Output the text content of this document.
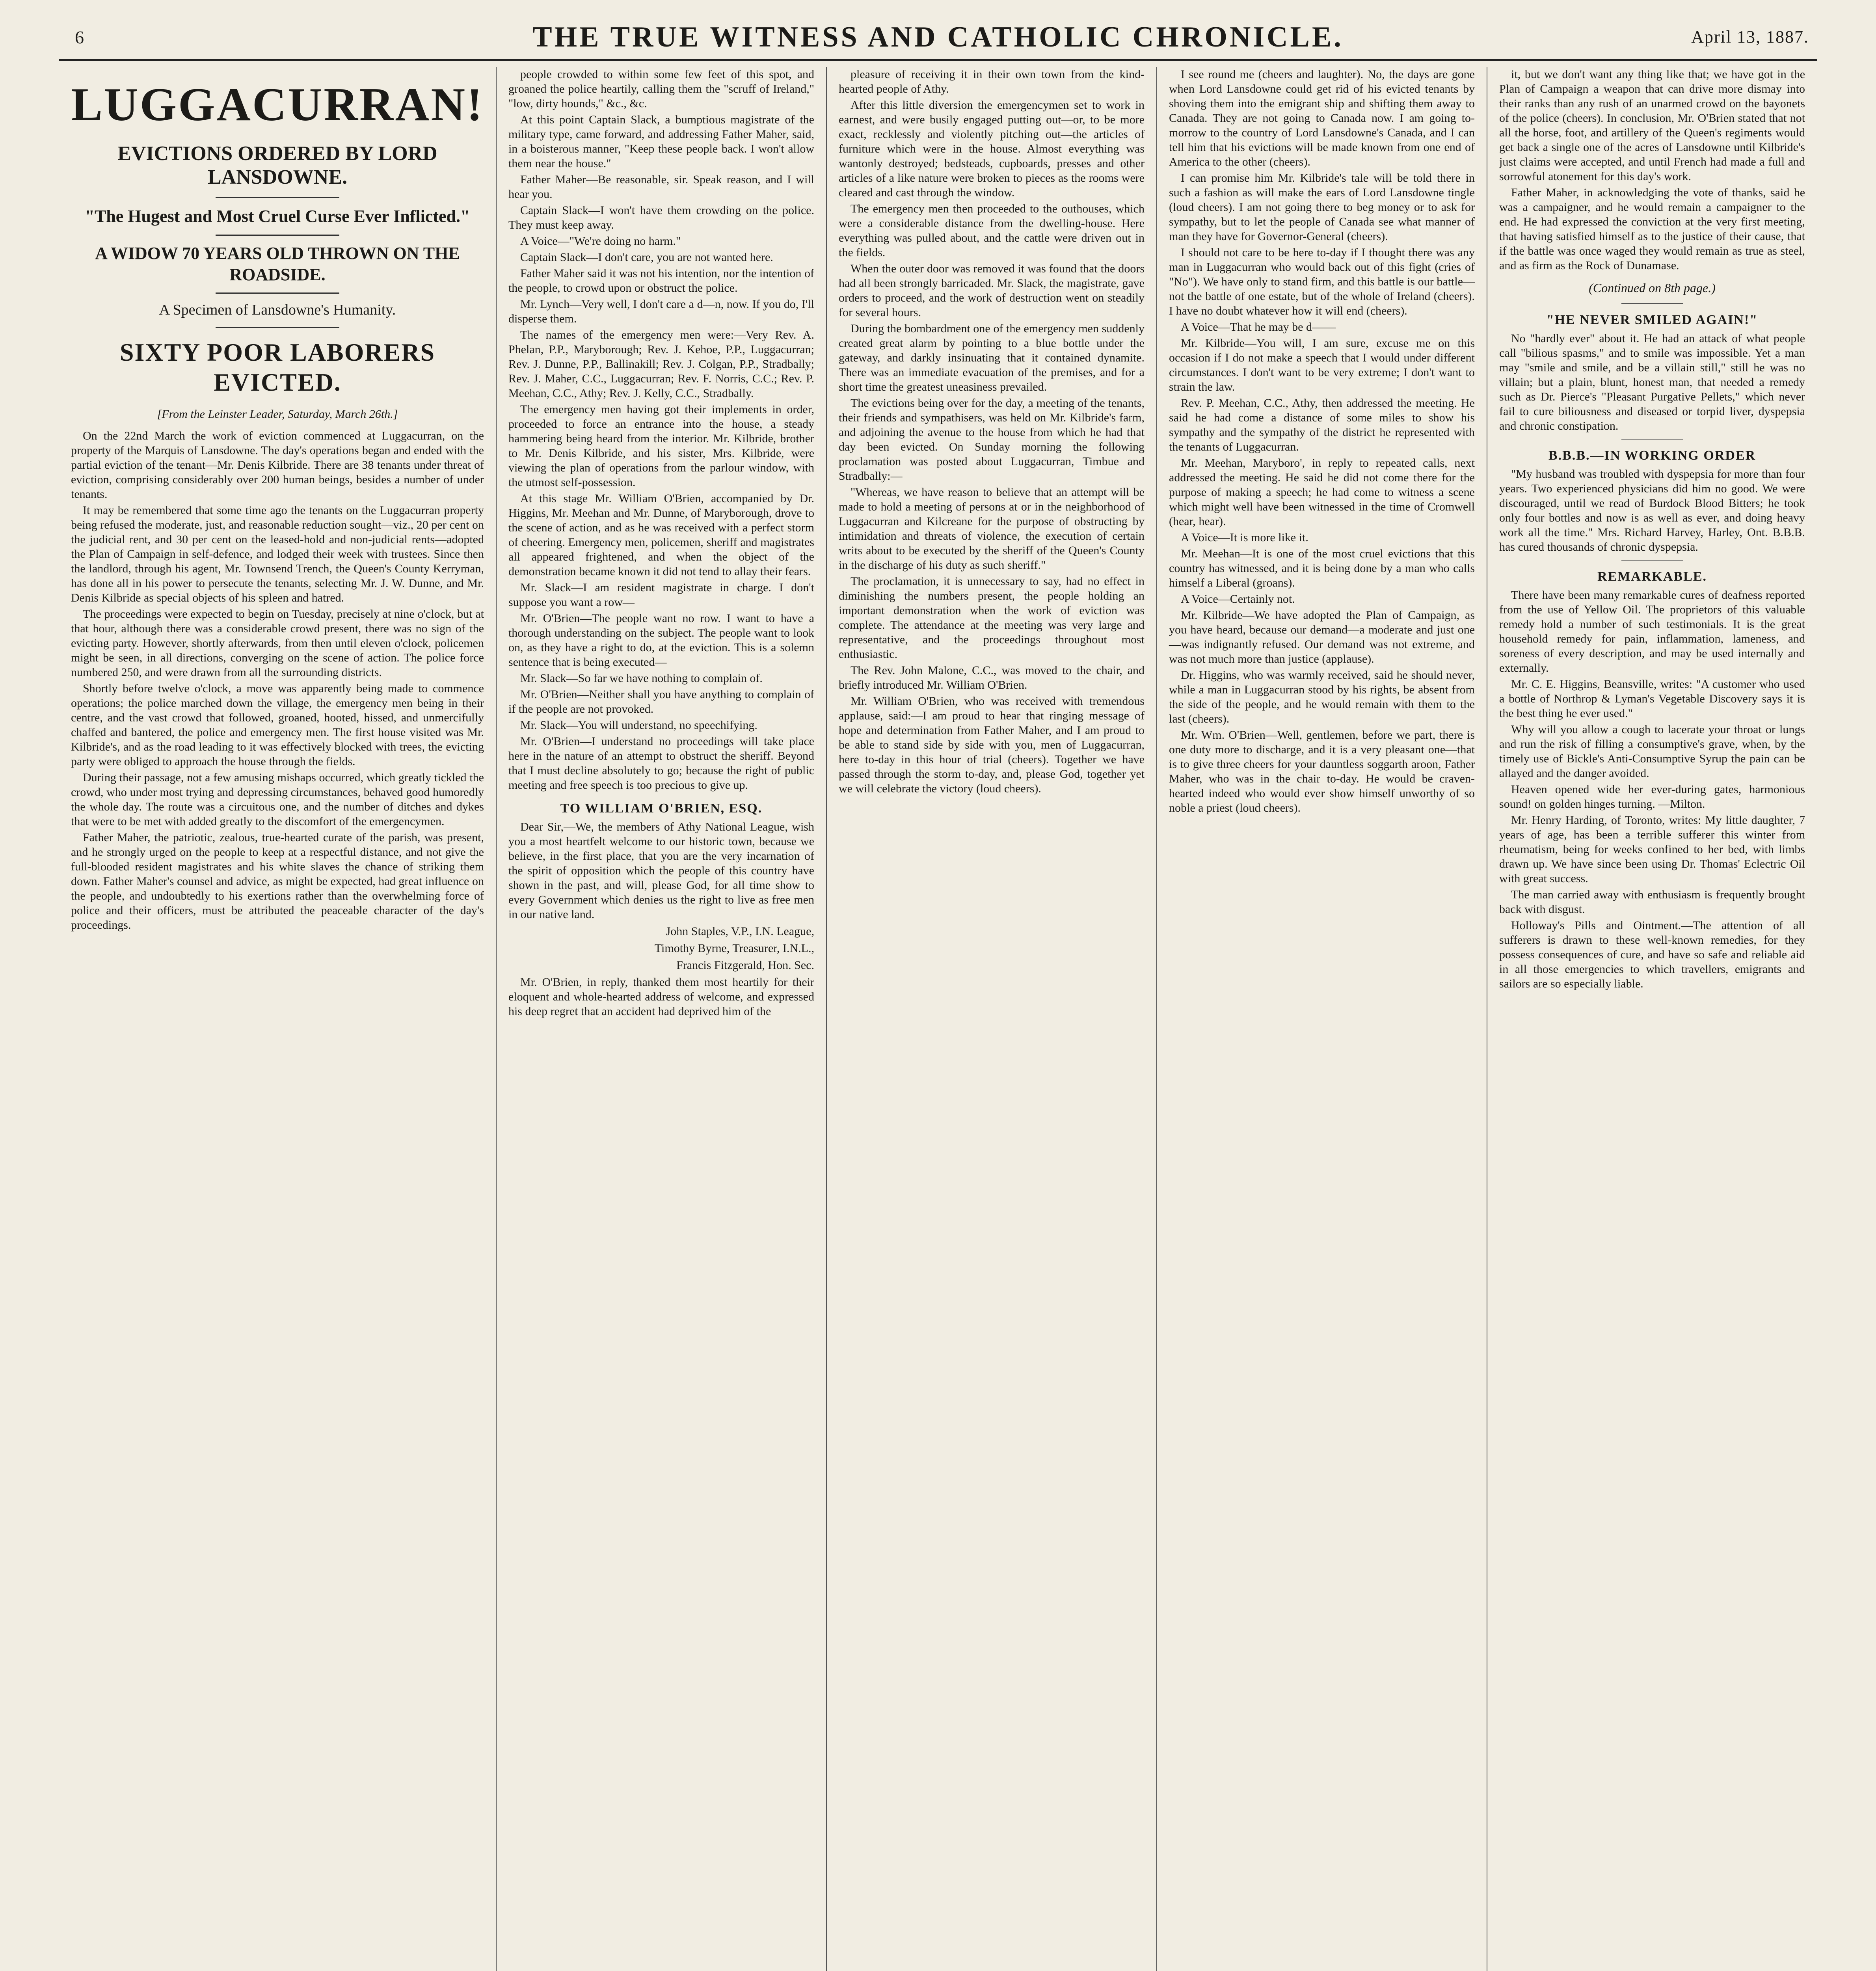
6	THE TRUE WITNESS AND CATHOLIC CHRONICLE.	April 13, 1887.
LUGGACURRAN!
EVICTIONS ORDERED BY LORD LANSDOWNE.
"The Hugest and Most Cruel Curse Ever Inflicted."
A WIDOW 70 YEARS OLD THROWN ON THE ROADSIDE.
A Specimen of Lansdowne's Humanity.
SIXTY POOR LABORERS EVICTED.
[From the Leinster Leader, Saturday, March 26th.]

On the 22nd March the work of eviction commenced at Luggacurran, on the property of the Marquis of Lansdowne. The day's operations began and ended with the partial eviction of the tenant—Mr. Denis Kilbride. There are 38 tenants under threat of eviction, comprising considerably over 200 human beings, besides a number of under tenants.

It may be remembered that some time ago the tenants on the Luggacurran property being refused the moderate, just, and reasonable reduction sought—viz., 20 per cent on the judicial rent, and 30 per cent on the leased-hold and non-judicial rents—adopted the Plan of Campaign in self-defence, and lodged their week with trustees. Since then the landlord, through his agent, Mr. Townsend Trench, the Queen's County Kerryman, has done all in his power to persecute the tenants, selecting Mr. J. W. Dunne, and Mr. Denis Kilbride as special objects of his spleen and hatred.

The proceedings were expected to begin on Tuesday, precisely at nine o'clock, but at that hour, although there was a considerable crowd present, there was no sign of the evicting party. However, shortly afterwards, from then until eleven o'clock, policemen might be seen, in all directions, converging on the scene of action. The police force numbered 250, and were drawn from all the surrounding districts.

Shortly before twelve o'clock, a move was apparently being made to commence operations; the police marched down the village, the emergency men being in their centre, and the vast crowd that followed, groaned, hooted, hissed, and unmercifully chaffed and bantered, the police and emergency men. The first house visited was Mr. Kilbride's, and as the road leading to it was effectively blocked with trees, the evicting party were obliged to approach the house through the fields.

During their passage, not a few amusing mishaps occurred, which greatly tickled the crowd, who under most trying and depressing circumstances, behaved good humoredly the whole day. The route was a circuitous one, and the number of ditches and dykes that were to be met with added greatly to the discomfort of the emergencymen.

Father Maher, the patriotic, zealous, true-hearted curate of the parish, was present, and he strongly urged on the people to keep at a respectful distance, and not give the full-blooded resident magistrates and his white slaves the chance of striking them down. Father Maher's counsel and advice, as might be expected, had great influence on the people, and undoubtedly to his exertions rather than the overwhelming force of police and their officers, must be attributed the peaceable character of the day's proceedings.

people crowded to within some few feet of this spot, and groaned the police heartily, calling them the "scruff of Ireland," "low, dirty hounds," &c., &c.

At this point Captain Slack, a bumptious magistrate of the military type, came forward, and addressing Father Maher, said, in a boisterous manner, "Keep these people back. I won't allow them near the house."

Father Maher—Be reasonable, sir. Speak reason, and I will hear you.

Captain Slack—I won't have them crowding on the police. They must keep away.

A Voice—"We're doing no harm."

Captain Slack—I don't care, you are not wanted here.

Father Maher said it was not his intention, nor the intention of the people, to crowd upon or obstruct the police.

Mr. Lynch—Very well, I don't care a d—n, now. If you do, I'll disperse them.

The names of the emergency men were:—Very Rev. A. Phelan, P.P., Maryborough; Rev. J. Kehoe, P.P., Luggacurran; Rev. J. Dunne, P.P., Ballinakill; Rev. J. Colgan, P.P., Stradbally; Rev. J. Maher, C.C., Luggacurran; Rev. F. Norris, C.C.; Rev. P. Meehan, C.C., Athy; Rev. J. Kelly, C.C., Stradbally.

The emergency men having got their implements in order, proceeded to force an entrance into the house, a steady hammering being heard from the interior. Mr. Kilbride, brother to Mr. Denis Kilbride, and his sister, Mrs. Kilbride, were viewing the plan of operations from the parlour window, with the utmost self-possession.

At this stage Mr. William O'Brien, accompanied by Dr. Higgins, Mr. Meehan and Mr. Dunne, of Maryborough, drove to the scene of action, and as he was received with a perfect storm of cheering. Emergency men, policemen, sheriff and magistrates all appeared frightened, and when the object of the demonstration became known it did not tend to allay their fears.

Mr. Slack—I am resident magistrate in charge. I don't suppose you want a row—

Mr. O'Brien—The people want no row. I want to have a thorough understanding on the subject. The people want to look on, as they have a right to do, at the eviction. This is a solemn sentence that is being executed—

Mr. Slack—So far we have nothing to complain of.

Mr. O'Brien—Neither shall you have anything to complain of if the people are not provoked.

Mr. Slack—You will understand, no speechifying.

Mr. O'Brien—I understand no proceedings will take place here in the nature of an attempt to obstruct the sheriff. Beyond that I must decline absolutely to go; because the right of public meeting and free speech is too precious to give up.

TO WILLIAM O'BRIEN, ESQ.

Dear Sir,—We, the members of Athy National League, wish you a most heartfelt welcome to our historic town, because we believe, in the first place, that you are the very incarnation of the spirit of opposition which the people of this country have shown in the past, and will, please God, for all time show to every Government which denies us the right to live as free men in our native land.

John Staples, V.P., I.N. League,
Timothy Byrne, Treasurer, I.N.L.,
Francis Fitzgerald, Hon. Sec.

Mr. O'Brien, in reply, thanked them most heartily for their eloquent and whole-hearted address of welcome, and expressed his deep regret that an accident had deprived him of the

pleasure of receiving it in their own town from the kind-hearted people of Athy.

After this little diversion the emergencymen set to work in earnest, and were busily engaged putting out—or, to be more exact, recklessly and violently pitching out—the articles of furniture which were in the house. Almost everything was wantonly destroyed; bedsteads, cupboards, presses and other articles of a like nature were broken to pieces as the rooms were cleared and cast through the window.

The emergency men then proceeded to the outhouses, which were a considerable distance from the dwelling-house. Here everything was pulled about, and the cattle were driven out in the fields.

When the outer door was removed it was found that the doors had all been strongly barricaded. Mr. Slack, the magistrate, gave orders to proceed, and the work of destruction went on steadily for several hours.

During the bombardment one of the emergency men suddenly created great alarm by pointing to a blue bottle under the gateway, and darkly insinuating that it contained dynamite. There was an immediate evacuation of the premises, and for a short time the greatest uneasiness prevailed.

The evictions being over for the day, a meeting of the tenants, their friends and sympathisers, was held on Mr. Kilbride's farm, and adjoining the avenue to the house from which he had that day been evicted. On Sunday morning the following proclamation was posted about Luggacurran, Timbue and Stradbally:—

"Whereas, we have reason to believe that an attempt will be made to hold a meeting of persons at or in the neighborhood of Luggacurran and Kilcreane for the purpose of obstructing by intimidation and threats of violence, the execution of certain writs about to be executed by the sheriff of the Queen's County in the discharge of his duty as such sheriff."

The proclamation, it is unnecessary to say, had no effect in diminishing the numbers present, the people holding an important demonstration when the work of eviction was complete. The attendance at the meeting was very large and representative, and the proceedings throughout most enthusiastic.

The Rev. John Malone, C.C., was moved to the chair, and briefly introduced Mr. William O'Brien.

Mr. William O'Brien, who was received with tremendous applause, said:—I am proud to hear that ringing message of hope and determination from Father Maher, and I am proud to be able to stand side by side with you, men of Luggacurran, here to-day in this hour of trial (cheers). Together we have passed through the storm to-day, and, please God, together yet we will celebrate the victory (loud cheers).

I see round me (cheers and laughter). No, the days are gone when Lord Lansdowne could get rid of his evicted tenants by shoving them into the emigrant ship and shifting them away to Canada. They are not going to Canada now. I am going to-morrow to the country of Lord Lansdowne's Canada, and I can tell him that his evictions will be made known from one end of America to the other (cheers).

I can promise him Mr. Kilbride's tale will be told there in such a fashion as will make the ears of Lord Lansdowne tingle (loud cheers). I am not going there to beg money or to ask for sympathy, but to let the people of Canada see what manner of man they have for Governor-General (cheers).

I should not care to be here to-day if I thought there was any man in Luggacurran who would back out of this fight (cries of "No"). We have only to stand firm, and this battle is our battle—not the battle of one estate, but of the whole of Ireland (cheers). I have no doubt whatever how it will end (cheers).

A Voice—That he may be d——

Mr. Kilbride—You will, I am sure, excuse me on this occasion if I do not make a speech that I would under different circumstances. I don't want to be very extreme; I don't want to strain the law.

Rev. P. Meehan, C.C., Athy, then addressed the meeting. He said he had come a distance of some miles to show his sympathy and the sympathy of the district he represented with the tenants of Luggacurran.

Mr. Meehan, Maryboro', in reply to repeated calls, next addressed the meeting. He said he did not come there for the purpose of making a speech; he had come to witness a scene which might well have been witnessed in the time of Cromwell (hear, hear).

A Voice—It is more like it.

Mr. Meehan—It is one of the most cruel evictions that this country has witnessed, and it is being done by a man who calls himself a Liberal (groans).

A Voice—Certainly not.

Mr. Kilbride—We have adopted the Plan of Campaign, as you have heard, because our demand—a moderate and just one—was indignantly refused. Our demand was not extreme, and was not much more than justice (applause).

Dr. Higgins, who was warmly received, said he should never, while a man in Luggacurran stood by his rights, be absent from the side of the people, and he would remain with them to the last (cheers).

Mr. Wm. O'Brien—Well, gentlemen, before we part, there is one duty more to discharge, and it is a very pleasant one—that is to give three cheers for your dauntless soggarth aroon, Father Maher, who was in the chair to-day. He would be craven-hearted indeed who would ever show himself unworthy of so noble a priest (loud cheers).

it, but we don't want any thing like that; we have got in the Plan of Campaign a weapon that can drive more dismay into their ranks than any rush of an unarmed crowd on the bayonets of the police (cheers). In conclusion, Mr. O'Brien stated that not all the horse, foot, and artillery of the Queen's regiments would get back a single one of the acres of Lansdowne until Kilbride's just claims were accepted, and until French had made a full and sorrowful atonement for this day's work.

Father Maher, in acknowledging the vote of thanks, said he was a campaigner, and he would remain a campaigner to the end. He had expressed the conviction at the very first meeting, that having satisfied himself as to the justice of their cause, that if the battle was once waged they would remain as true as steel, and as firm as the Rock of Dunamase.

(Continued on 8th page.)
"HE NEVER SMILED AGAIN!"

No "hardly ever" about it. He had an attack of what people call "bilious spasms," and to smile was impossible. Yet a man may "smile and smile, and be a villain still," still he was no villain; but a plain, blunt, honest man, that needed a remedy such as Dr. Pierce's "Pleasant Purgative Pellets," which never fail to cure biliousness and diseased or torpid liver, dyspepsia and chronic constipation.

B.B.B.—IN WORKING ORDER

"My husband was troubled with dyspepsia for more than four years. Two experienced physicians did him no good. We were discouraged, until we read of Burdock Blood Bitters; he took only four bottles and now is as well as ever, and doing heavy work all the time." Mrs. Richard Harvey, Harley, Ont. B.B.B. has cured thousands of chronic dyspepsia.

REMARKABLE.

There have been many remarkable cures of deafness reported from the use of Yellow Oil. The proprietors of this valuable remedy hold a number of such testimonials. It is the great household remedy for pain, inflammation, lameness, and soreness of every description, and may be used internally and externally.

Mr. C. E. Higgins, Beansville, writes: "A customer who used a bottle of Northrop & Lyman's Vegetable Discovery says it is the best thing he ever used."

Why will you allow a cough to lacerate your throat or lungs and run the risk of filling a consumptive's grave, when, by the timely use of Bickle's Anti-Consumptive Syrup the pain can be allayed and the danger avoided.

Heaven opened wide her ever-during gates, harmonious sound! on golden hinges turning. —Milton.

Mr. Henry Harding, of Toronto, writes: My little daughter, 7 years of age, has been a terrible sufferer this winter from rheumatism, being for weeks confined to her bed, with limbs drawn up. We have since been using Dr. Thomas' Eclectric Oil with great success.

The man carried away with enthusiasm is frequently brought back with disgust.

Holloway's Pills and Ointment.—The attention of all sufferers is drawn to these well-known remedies, for they possess consequences of cure, and have so safe and reliable aid in all those emergencies to which travellers, emigrants and sailors are so especially liable.
